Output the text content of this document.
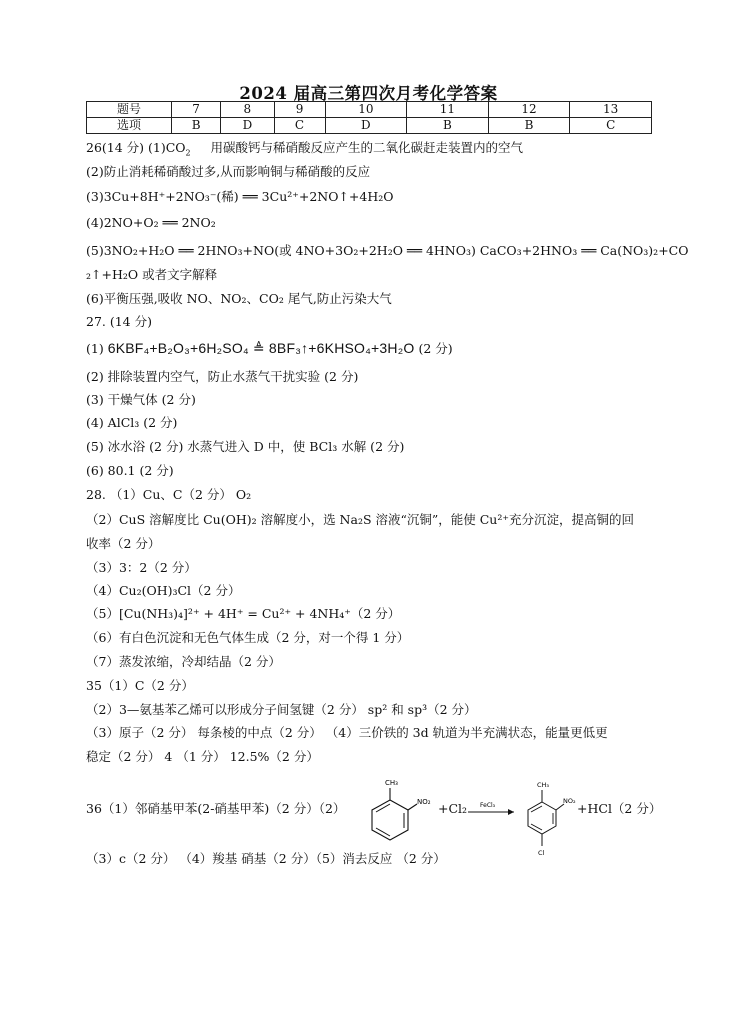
2024 届高三第四次月考化学答案
题号	7	8	9	10	11	12	13
选项	B	D	C	D	B	B	C
26(14 分) $(1)CO_2$ 用碳酸钙与稀硝酸反应产生的二氧化碳赶走装置内的空气
(2)防止消耗稀硝酸过多,从而影响铜与稀硝酸的反应
(3)3Cu+8H⁺+2NO₃⁻(稀) ══ 3Cu²⁺+2NO↑+4H₂O
(4)2NO+O₂ ══ 2NO₂
(5)3NO₂+H₂O ══ 2HNO₃+NO(或 4NO+3O₂+2H₂O ══ 4HNO₃) CaCO₃+2HNO₃ ══ Ca(NO₃)₂+CO
₂↑+H₂O 或者文字解释
(6)平衡压强,吸收 NO、NO₂、CO₂ 尾气,防止污染大气
27. (14 分)
(1) 6KBF₄+B₂O₃+6H₂SO₄ ≜ 8BF₃↑+6KHSO₄+3H₂O (2 分)
(2) 排除装置内空气，防止水蒸气干扰实验 (2 分)
(3) 干燥气体 (2 分)
(4) AlCl₃ (2 分)
(5) 冰水浴 (2 分) 水蒸气进入 D 中，使 BCl₃ 水解 (2 分)
(6) 80.1 (2 分)
28. （1）Cu、C（2 分） O₂
（2）CuS 溶解度比 Cu(OH)₂ 溶解度小，选 Na₂S 溶液“沉铜”，能使 Cu²⁺充分沉淀，提高铜的回
收率（2 分）
（3）3：2（2 分）
（4）Cu₂(OH)₃Cl（2 分）
（5）[Cu(NH₃)₄]²⁺ + 4H⁺ = Cu²⁺ + 4NH₄⁺（2 分）
（6）有白色沉淀和无色气体生成（2 分，对一个得 1 分）
（7）蒸发浓缩，冷却结晶（2 分）
35（1）C（2 分）
（2）3—氨基苯乙烯可以形成分子间氢键（2 分） sp² 和 sp³（2 分）
（3）原子（2 分） 每条棱的中点（2 分） （4）三价铁的 3d 轨道为半充满状态，能量更低更
稳定（2 分） 4 （1 分） 12.5%（2 分）
36（1）邻硝基甲苯(2-硝基甲苯)（2 分）（2）
CH₃
NO₂ +Cl₂ FeCl₃
CH₃
NO₂
Cl
+HCl（2 分）
（3）c（2 分） （4）羧基 硝基（2 分）（5）消去反应 （2 分）
